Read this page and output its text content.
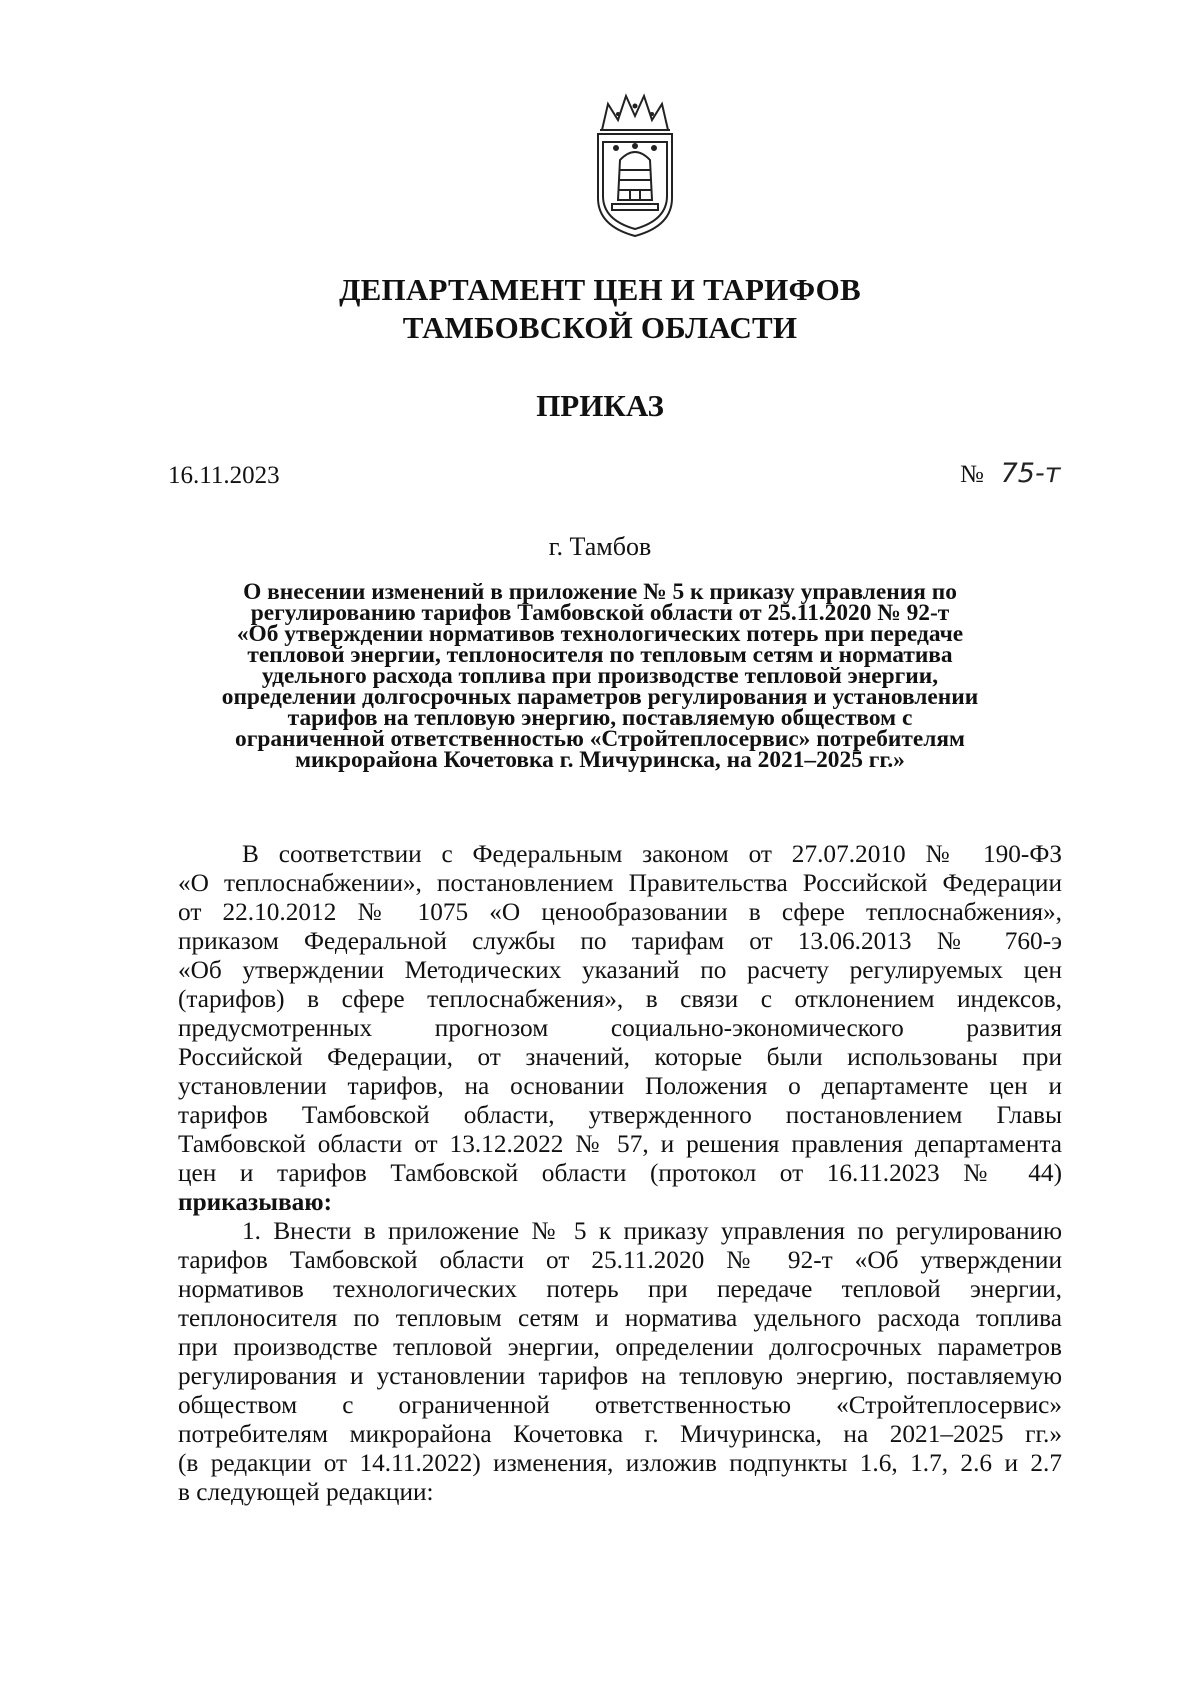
ДЕПАРТАМЕНТ ЦЕН И ТАРИФОВ
ТАМБОВСКОЙ ОБЛАСТИ
ПРИКАЗ
16.11.2023	№ 75-т
г. Тамбов
О внесении изменений в приложение № 5 к приказу управления по
регулированию тарифов Тамбовской области от 25.11.2020 № 92-т
«Об утверждении нормативов технологических потерь при передаче
тепловой энергии, теплоносителя по тепловым сетям и норматива
удельного расхода топлива при производстве тепловой энергии,
определении долгосрочных параметров регулирования и установлении
тарифов на тепловую энергию, поставляемую обществом с
ограниченной ответственностью «Стройтеплосервис» потребителям
микрорайона Кочетовка г. Мичуринска, на 2021–2025 гг.»
В соответствии с Федеральным законом от 27.07.2010 № 190-ФЗ
«О теплоснабжении», постановлением Правительства Российской Федерации
от 22.10.2012 № 1075 «О ценообразовании в сфере теплоснабжения»,
приказом Федеральной службы по тарифам от 13.06.2013 № 760-э
«Об утверждении Методических указаний по расчету регулируемых цен
(тарифов) в сфере теплоснабжения», в связи с отклонением индексов,
предусмотренных прогнозом социально-экономического развития
Российской Федерации, от значений, которые были использованы при
установлении тарифов, на основании Положения о департаменте цен и
тарифов Тамбовской области, утвержденного постановлением Главы
Тамбовской области от 13.12.2022 № 57, и решения правления департамента
цен и тарифов Тамбовской области (протокол от 16.11.2023 № 44)
приказываю:
1. Внести в приложение № 5 к приказу управления по регулированию
тарифов Тамбовской области от 25.11.2020 № 92-т «Об утверждении
нормативов технологических потерь при передаче тепловой энергии,
теплоносителя по тепловым сетям и норматива удельного расхода топлива
при производстве тепловой энергии, определении долгосрочных параметров
регулирования и установлении тарифов на тепловую энергию, поставляемую
обществом с ограниченной ответственностью «Стройтеплосервис»
потребителям микрорайона Кочетовка г. Мичуринска, на 2021–2025 гг.»
(в редакции от 14.11.2022) изменения, изложив подпункты 1.6, 1.7, 2.6 и 2.7
в следующей редакции:
